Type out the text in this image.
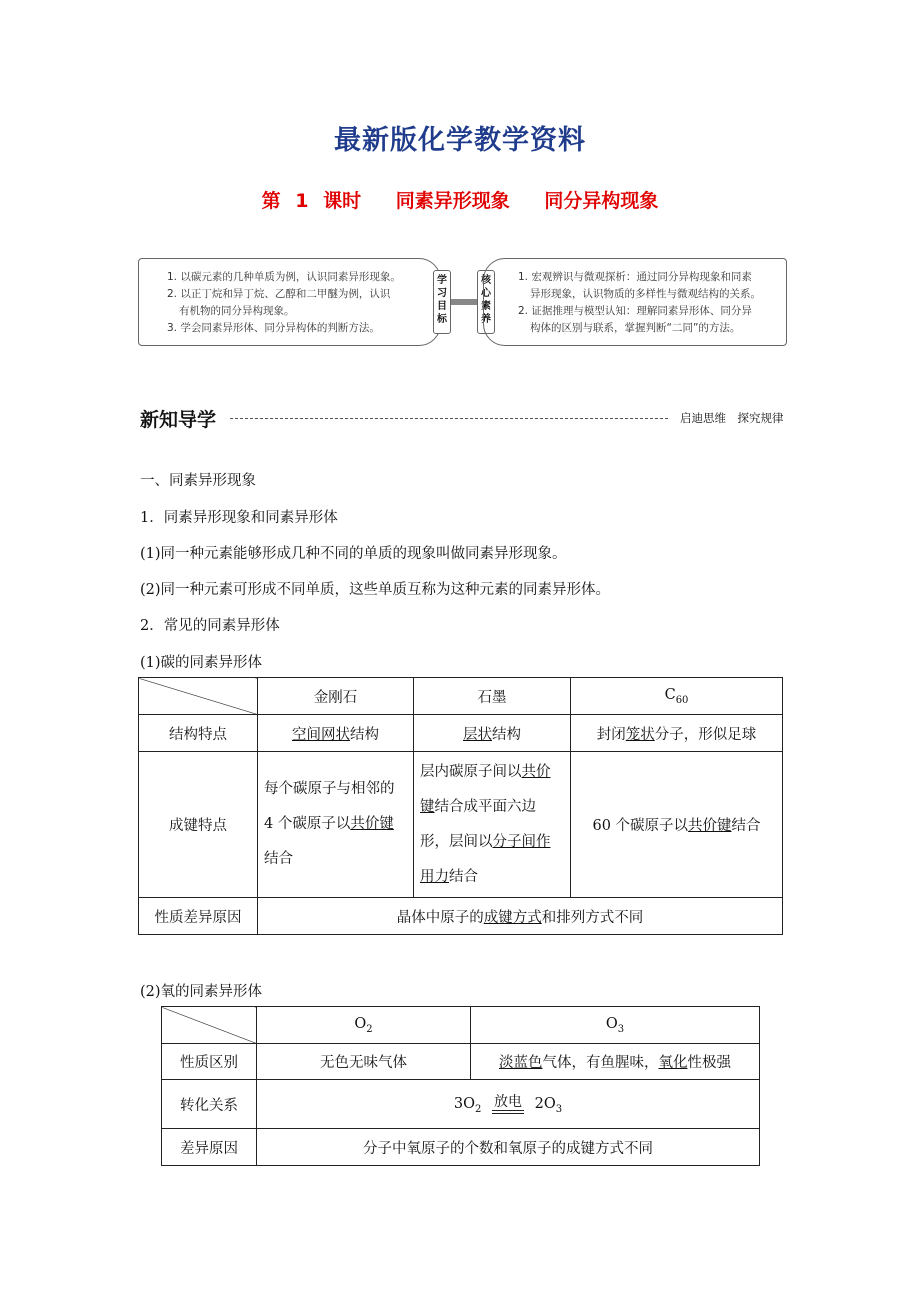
最新版化学教学资料
第 1 课时 同素异形现象 同分异构现象

1. 以碳元素的几种单质为例，认识同素异形现象。

2. 以正丁烷和异丁烷、乙醇和二甲醚为例，认识

有机物的同分异构现象。

3. 学会同素异形体、同分异构体的判断方法。

学习目标
核心素养

1. 宏观辨识与微观探析：通过同分异构现象和同素

异形现象，认识物质的多样性与微观结构的关系。

2. 证据推理与模型认知：理解同素异形体、同分异

构体的区别与联系，掌握判断“二同”的方法。

新知导学	启迪思维　探究规律
一、同素异形现象
1．同素异形现象和同素异形体
(1)同一种元素能够形成几种不同的单质的现象叫做同素异形现象。
(2)同一种元素可形成不同单质，这些单质互称为这种元素的同素异形体。
2．常见的同素异形体
(1)碳的同素异形体
	金刚石	石墨	$C_{60}$
结构特点	空间网状结构	层状结构	封闭笼状分子，形似足球
成键特点	每个碳原子与相邻的 4 个碳原子以共价键结合	层内碳原子间以共价键结合成平面六边形，层间以分子间作用力结合	60 个碳原子以共价键结合
性质差异原因	晶体中原子的成键方式和排列方式不同		
(2)氧的同素异形体
	$O_2$	$O_3$
性质区别	无色无味气体	淡蓝色气体，有鱼腥味，氧化性极强
转化关系	$3O_2$ 放电 $2O_3$
差异原因	分子中氧原子的个数和氧原子的成键方式不同	
